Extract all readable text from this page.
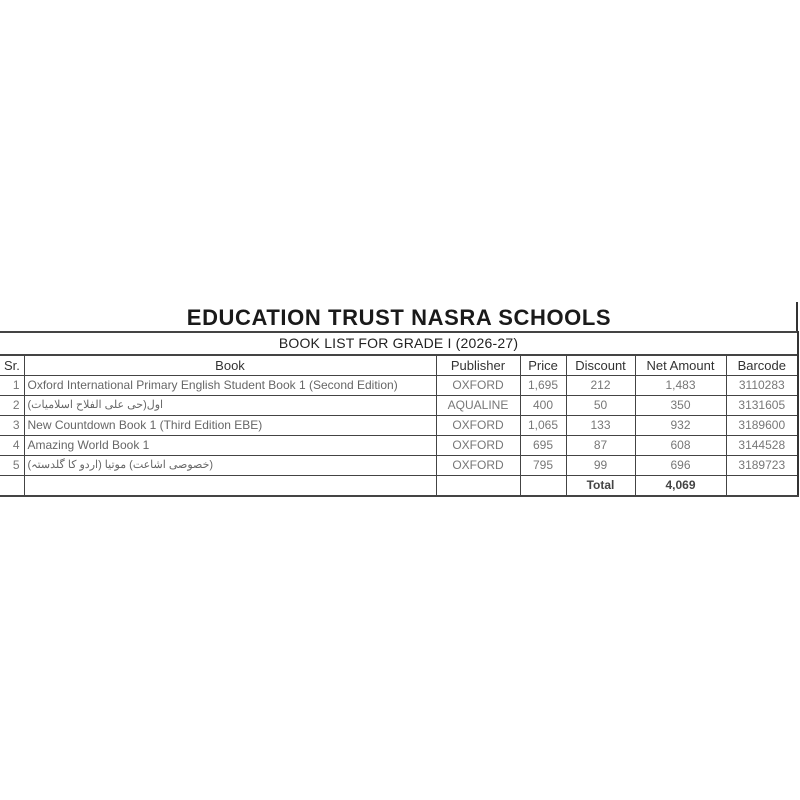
EDUCATION TRUST NASRA SCHOOLS
BOOK LIST FOR GRADE I (2026-27)						
Sr.	Book	Publisher	Price	Discount	Net Amount	Barcode
1	Oxford International Primary English Student Book 1 (Second Edition)	OXFORD	1,695	212	1,483	3110283
2	اول(حی علی الفلاح اسلامیات)	AQUALINE	400	50	350	3131605
3	New Countdown Book 1 (Third Edition EBE)	OXFORD	1,065	133	932	3189600
4	Amazing World Book 1	OXFORD	695	87	608	3144528
5	(خصوصی اشاعت) موتیا (اردو کا گلدستہ)	OXFORD	795	99	696	3189723
				Total	4,069	
